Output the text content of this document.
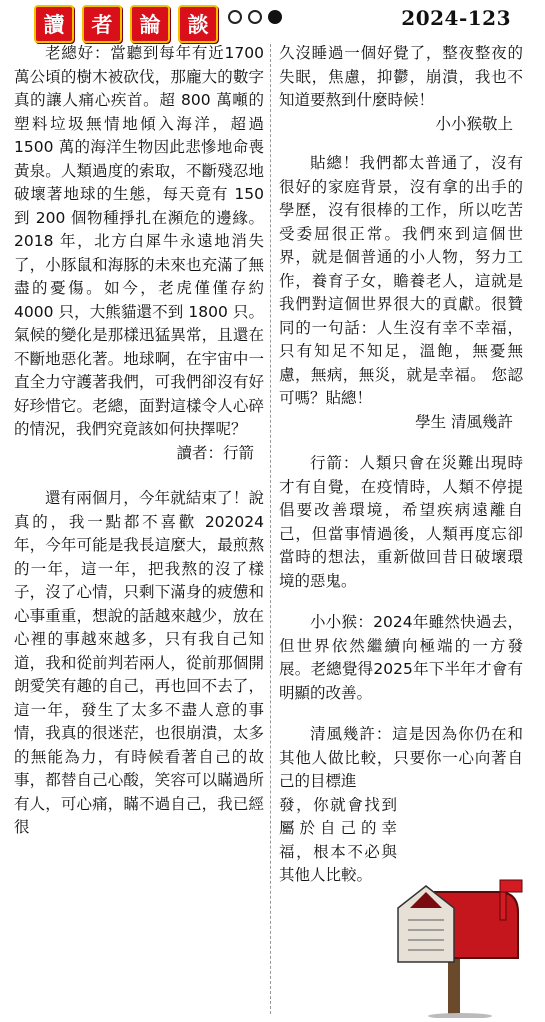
讀 者 論 談	2024-123

老總好：當聽到每年有近1700 萬公頃的樹木被砍伐，那龐大的數字真的讓人痛心疾首。超 800 萬噸的塑料垃圾無情地傾入海洋，超過 1500 萬的海洋生物因此悲慘地命喪黃泉。人類過度的索取，不斷殘忍地破壞著地球的生態，每天竟有 150 到 200 個物種掙扎在瀕危的邊緣。2018 年，北方白犀牛永遠地消失了，小豚鼠和海豚的未來也充滿了無盡的憂傷。如今，老虎僅僅存約 4000 只，大熊貓還不到 1800 只。氣候的變化是那樣迅猛異常，且還在不斷地惡化著。地球啊，在宇宙中一直全力守護著我們，可我們卻沒有好好珍惜它。老總，面對這樣令人心碎的情況，我們究竟該如何抉擇呢？

讀者：行箭

還有兩個月，今年就結束了！說真的，我一點都不喜歡 202024年，今年可能是我長這麼大，最煎熬的一年，這一年，把我熬的沒了樣子，沒了心情，只剩下滿身的疲憊和心事重重，想說的話越來越少，放在心裡的事越來越多，只有我自己知道，我和從前判若兩人，從前那個開朗愛笑有趣的自己，再也回不去了，這一年，發生了太多不盡人意的事情，我真的很迷茫，也很崩潰，太多的無能為力，有時候看著自己的故事，都替自己心酸，笑容可以瞞過所有人，可心痛，瞞不過自己，我已經很

久沒睡過一個好覺了，整夜整夜的失眠，焦慮，抑鬱，崩潰，我也不知道要熬到什麼時候！

小小猴敬上

貼總！我們都太普通了，沒有很好的家庭背景，沒有拿的出手的學歷，沒有很棒的工作，所以吃苦受委屈很正常。我們來到這個世界，就是個普通的小人物，努力工作，養育子女，贍養老人，這就是我們對這個世界很大的貢獻。很贊同的一句話：人生沒有幸不幸福，只有知足不知足，溫飽，無憂無慮，無病，無災，就是幸福。 您認可嗎？貼總！

學生 清風幾許

行箭：人類只會在災難出現時才有自覺，在疫情時，人類不停提倡要改善環境，希望疾病遠離自己，但當事情過後，人類再度忘卻當時的想法，重新做回昔日破壞環境的惡鬼。

小小猴：2024年雖然快過去，但世界依然繼續向極端的一方發展。老總覺得2025年下半年才會有明顯的改善。

清風幾許：這是因為你仍在和其他人做比較，只要你一心向著自己的目標進

發，你就會找到屬於自己的幸福，根本不必與其他人比較。
